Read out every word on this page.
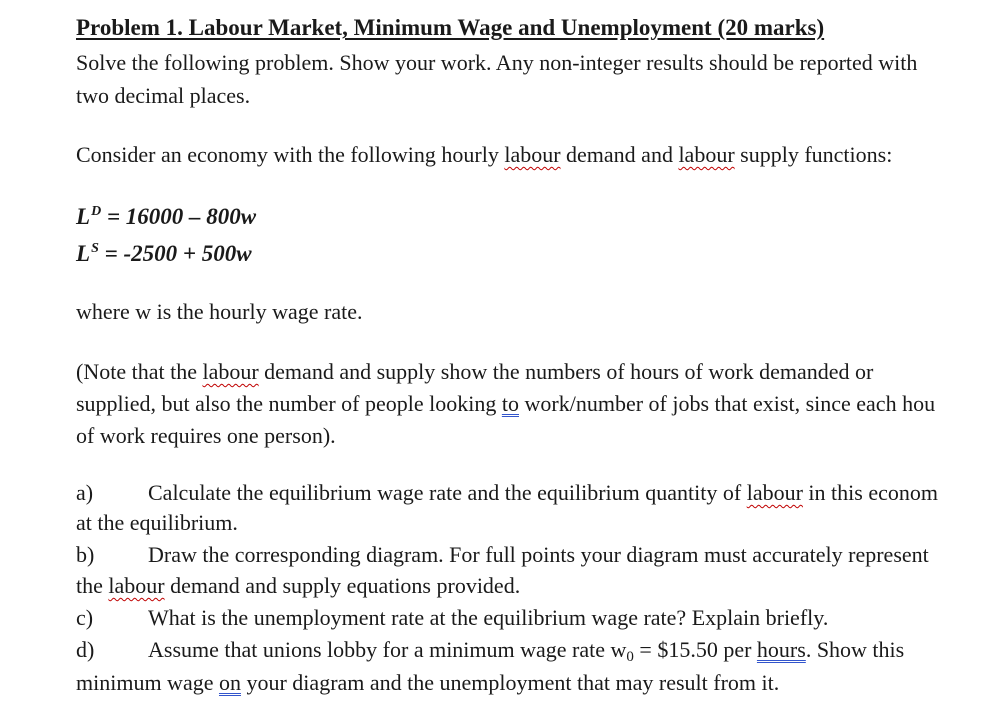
Problem 1. Labour Market, Minimum Wage and Unemployment (20 marks)
Solve the following problem. Show your work. Any non-integer results should be reported with
two decimal places.
Consider an economy with the following hourly labour demand and labour supply functions:
$L^D = 16000 - 800w$
$L^S = -2500 + 500w$
where w is the hourly wage rate.
(Note that the labour demand and supply show the numbers of hours of work demanded or
supplied, but also the number of people looking to work/number of jobs that exist, since each hou
of work requires one person).
a) Calculate the equilibrium wage rate and the equilibrium quantity of labour in this econom
at the equilibrium.
b) Draw the corresponding diagram. For full points your diagram must accurately represent
the labour demand and supply equations provided.
c) What is the unemployment rate at the equilibrium wage rate? Explain briefly.
d) Assume that unions lobby for a minimum wage rate w0 = $15.50 per hours. Show this
minimum wage on your diagram and the unemployment that may result from it.
